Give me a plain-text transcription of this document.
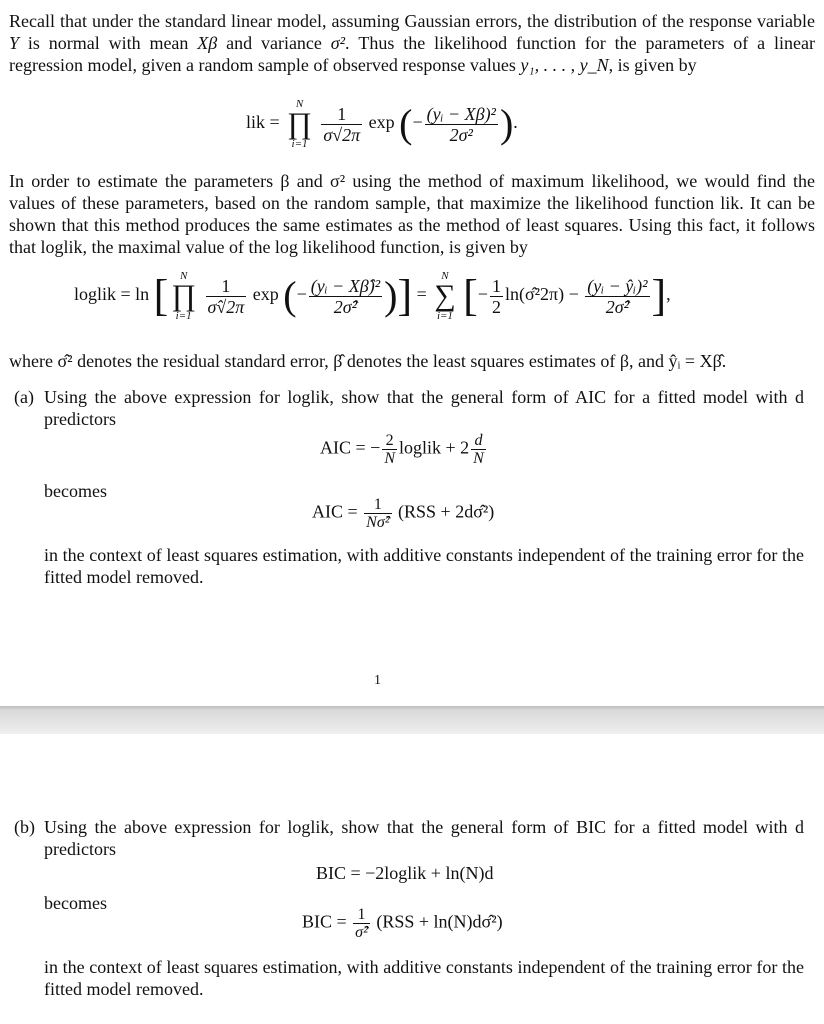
Recall that under the standard linear model, assuming Gaussian errors, the distribution of the response variable Y is normal with mean Xβ and variance σ². Thus the likelihood function for the parameters of a linear regression model, given a random sample of observed response values y₁, . . . , y_N, is given by
lik =
N
∏
i=1
$\frac{1}{\sigma√2\pi}$ exp (− $\frac{\text{(yᵢ − Xβ)²}}{\text{2σ²}}$ ).
In order to estimate the parameters β and σ² using the method of maximum likelihood, we would find the values of these parameters, based on the random sample, that maximize the likelihood function lik. It can be shown that this method produces the same estimates as the method of least squares. Using this fact, it follows that loglik, the maximal value of the log likelihood function, is given by
loglik = ln [	N
∏
i=1
$\frac{1}{\sigmâ√2\pi}$ exp (− $\frac{\text{(yᵢ − Xβ̂)²}}{\text{2σ̂²}}$ )] =
N
∑
i=1 [− $\frac{1}{2}$ ln(σ̂²2π) − $\frac{\text{(yᵢ − ŷᵢ)²}}{\text{2σ̂²}}$ ],
where σ̂² denotes the residual standard error, β̂ denotes the least squares estimates of β, and ŷᵢ = Xβ̂.
(a) Using the above expression for loglik, show that the general form of AIC for a fitted model with d predictors
AIC = − $\frac{2}{N}$ loglik + $2 \frac{d}{N}$
becomes
AIC = $\frac{1}{\text{Nσ̂²}} (RSS$ + 2dσ̂²)
in the context of least squares estimation, with additive constants independent of the training error for the fitted model removed.
1
(b) Using the above expression for loglik, show that the general form of BIC for a fitted model with d predictors
BIC = −2loglik + ln(N)d
becomes
BIC = $\frac{1}{\text{σ̂²}} (RSS$ + ln(N)dσ̂²)
in the context of least squares estimation, with additive constants independent of the training error for the fitted model removed.
